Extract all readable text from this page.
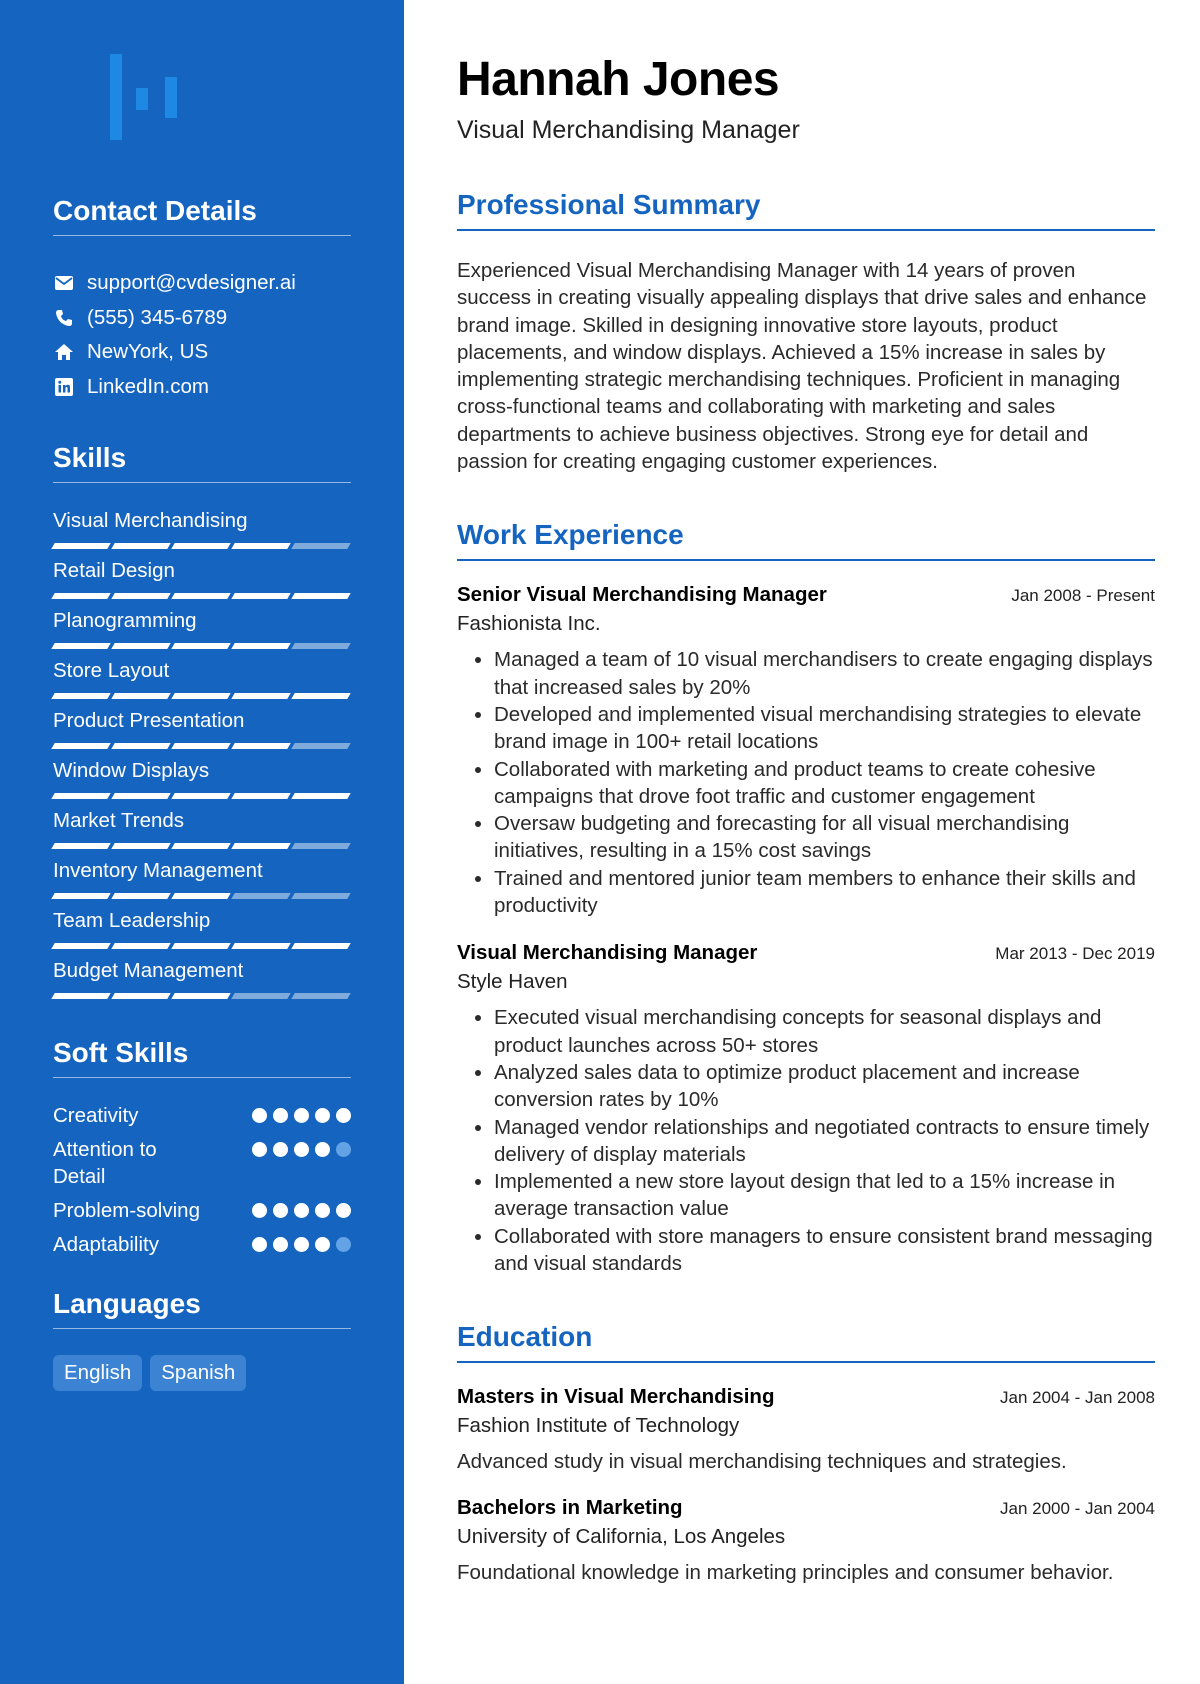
Contact Details
support@cvdesigner.ai
(555) 345-6789
NewYork, US
LinkedIn.com
Skills
Visual Merchandising
Retail Design
Planogramming
Store Layout
Product Presentation
Window Displays
Market Trends
Inventory Management
Team Leadership
Budget Management
Soft Skills
Creativity
Attention to Detail
Problem-solving
Adaptability
Languages
English	Spanish
Hannah Jones
Visual Merchandising Manager
Professional Summary

Experienced Visual Merchandising Manager with 14 years of proven success in creating visually appealing displays that drive sales and enhance brand image. Skilled in designing innovative store layouts, product placements, and window displays. Achieved a 15% increase in sales by implementing strategic merchandising techniques. Proficient in managing cross-functional teams and collaborating with marketing and sales departments to achieve business objectives. Strong eye for detail and passion for creating engaging customer experiences.

Work Experience
Senior Visual Merchandising Manager	Jan 2008 - Present
Fashionista Inc.
• Managed a team of 10 visual merchandisers to create engaging displays that increased sales by 20%
• Developed and implemented visual merchandising strategies to elevate brand image in 100+ retail locations
• Collaborated with marketing and product teams to create cohesive campaigns that drove foot traffic and customer engagement
• Oversaw budgeting and forecasting for all visual merchandising initiatives, resulting in a 15% cost savings
• Trained and mentored junior team members to enhance their skills and productivity
Visual Merchandising Manager	Mar 2013 - Dec 2019
Style Haven
• Executed visual merchandising concepts for seasonal displays and product launches across 50+ stores
• Analyzed sales data to optimize product placement and increase conversion rates by 10%
• Managed vendor relationships and negotiated contracts to ensure timely delivery of display materials
• Implemented a new store layout design that led to a 15% increase in average transaction value
• Collaborated with store managers to ensure consistent brand messaging and visual standards
Education
Masters in Visual Merchandising	Jan 2004 - Jan 2008
Fashion Institute of Technology
Advanced study in visual merchandising techniques and strategies.
Bachelors in Marketing	Jan 2000 - Jan 2004
University of California, Los Angeles
Foundational knowledge in marketing principles and consumer behavior.
